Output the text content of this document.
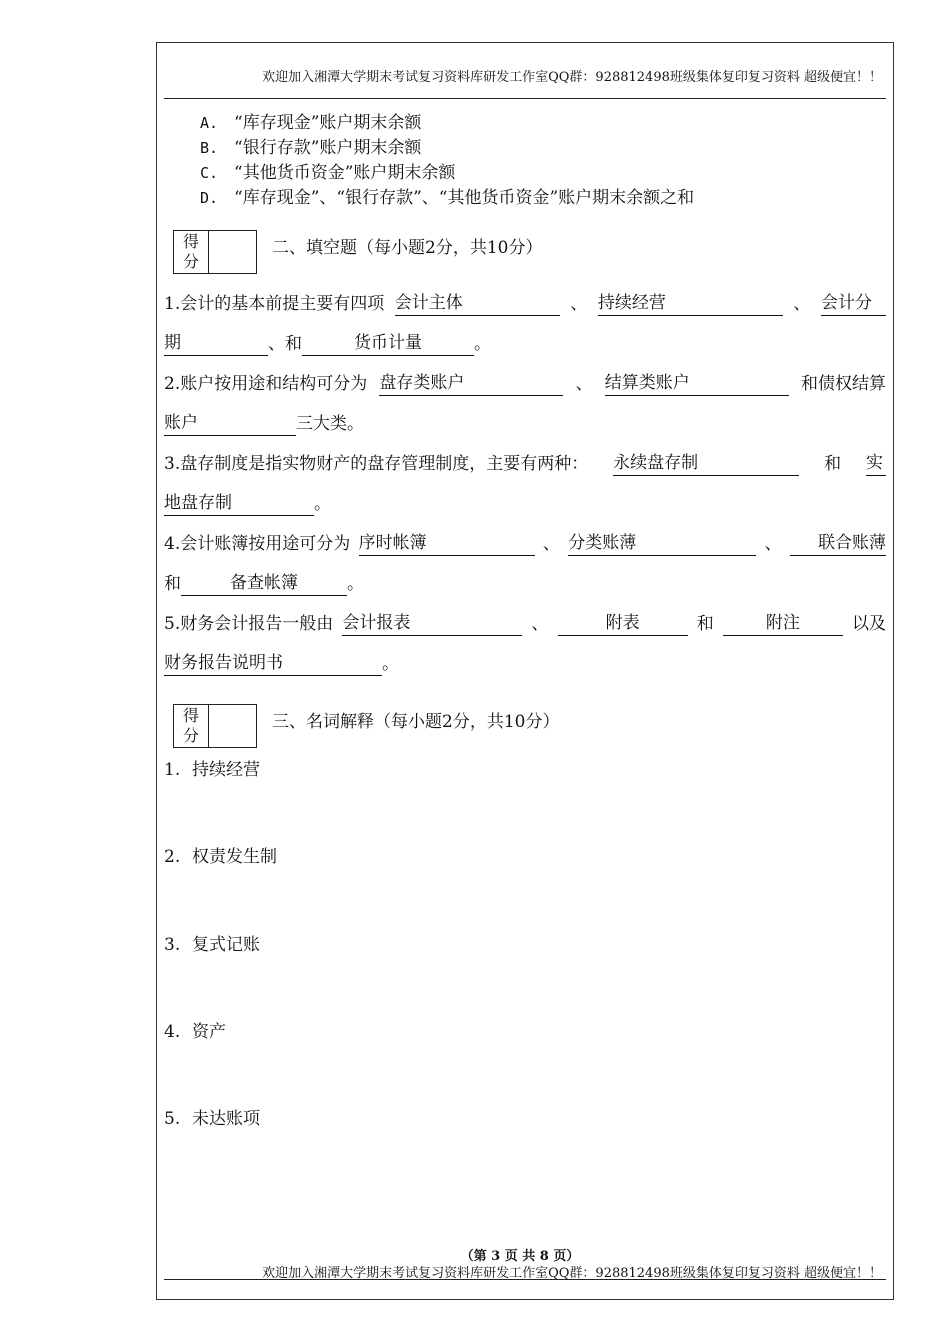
欢迎加入湘潭大学期末考试复习资料库研发工作室QQ群：928812498班级集体复印复习资料 超级便宜！！
A. “库存现金”账户期末余额
B. “银行存款”账户期末余额
C. “其他货币资金”账户期末余额
D. “库存现金”、“银行存款”、“其他货币资金”账户期末余额之和
得
分
二、填空题（每小题2分，共10分）
1.会计的基本前提主要有四项 会计主体	、 持续经营	、 会计分
期	、和	货币计量	。
2.账户按用途和结构可分为 盘存类账户	、 结算类账户	和债权结算
账户	三大类。
3.盘存制度是指实物财产的盘存管理制度，主要有两种： 永续盘存制	和 实
地盘存制	。
4.会计账簿按用途可分为 序时帐簿	、 分类账薄	、	联合账薄
和	备查帐簿	。
5.财务会计报告一般由 会计报表	、	附表	和	附注	以及
财务报告说明书	。
得
分
三、名词解释（每小题2分，共10分）
1. 持续经营
2. 权责发生制
3. 复式记账
4. 资产
5. 未达账项
（第 3 页 共 8 页）
欢迎加入湘潭大学期末考试复习资料库研发工作室QQ群：928812498班级集体复印复习资料 超级便宜！！
